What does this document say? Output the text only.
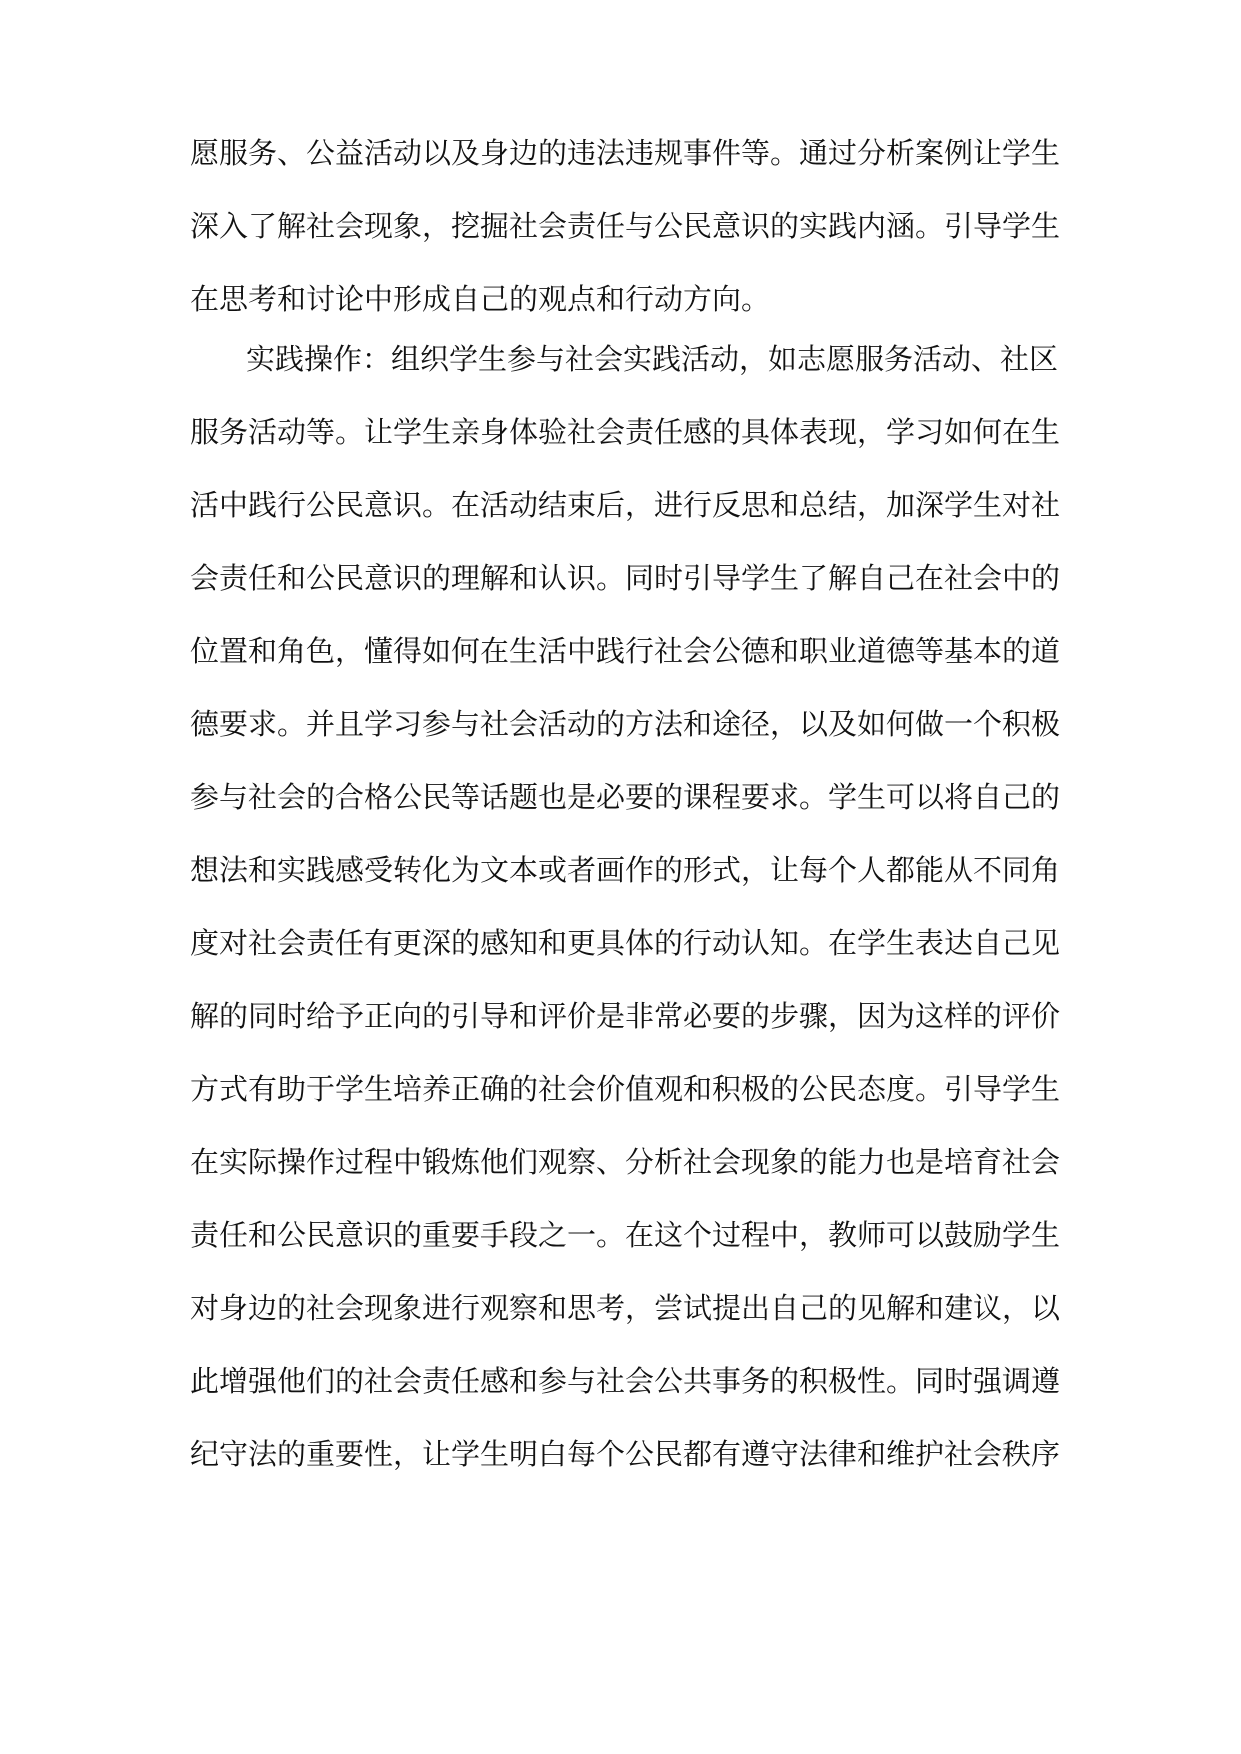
愿服务、公益活动以及身边的违法违规事件等。通过分析案例让学生
深入了解社会现象，挖掘社会责任与公民意识的实践内涵。引导学生
在思考和讨论中形成自己的观点和行动方向。
实践操作：组织学生参与社会实践活动，如志愿服务活动、社区
服务活动等。让学生亲身体验社会责任感的具体表现，学习如何在生
活中践行公民意识。在活动结束后，进行反思和总结，加深学生对社
会责任和公民意识的理解和认识。同时引导学生了解自己在社会中的
位置和角色，懂得如何在生活中践行社会公德和职业道德等基本的道
德要求。并且学习参与社会活动的方法和途径，以及如何做一个积极
参与社会的合格公民等话题也是必要的课程要求。学生可以将自己的
想法和实践感受转化为文本或者画作的形式，让每个人都能从不同角
度对社会责任有更深的感知和更具体的行动认知。在学生表达自己见
解的同时给予正向的引导和评价是非常必要的步骤，因为这样的评价
方式有助于学生培养正确的社会价值观和积极的公民态度。引导学生
在实际操作过程中锻炼他们观察、分析社会现象的能力也是培育社会
责任和公民意识的重要手段之一。在这个过程中，教师可以鼓励学生
对身边的社会现象进行观察和思考，尝试提出自己的见解和建议，以
此增强他们的社会责任感和参与社会公共事务的积极性。同时强调遵
纪守法的重要性，让学生明白每个公民都有遵守法律和维护社会秩序
